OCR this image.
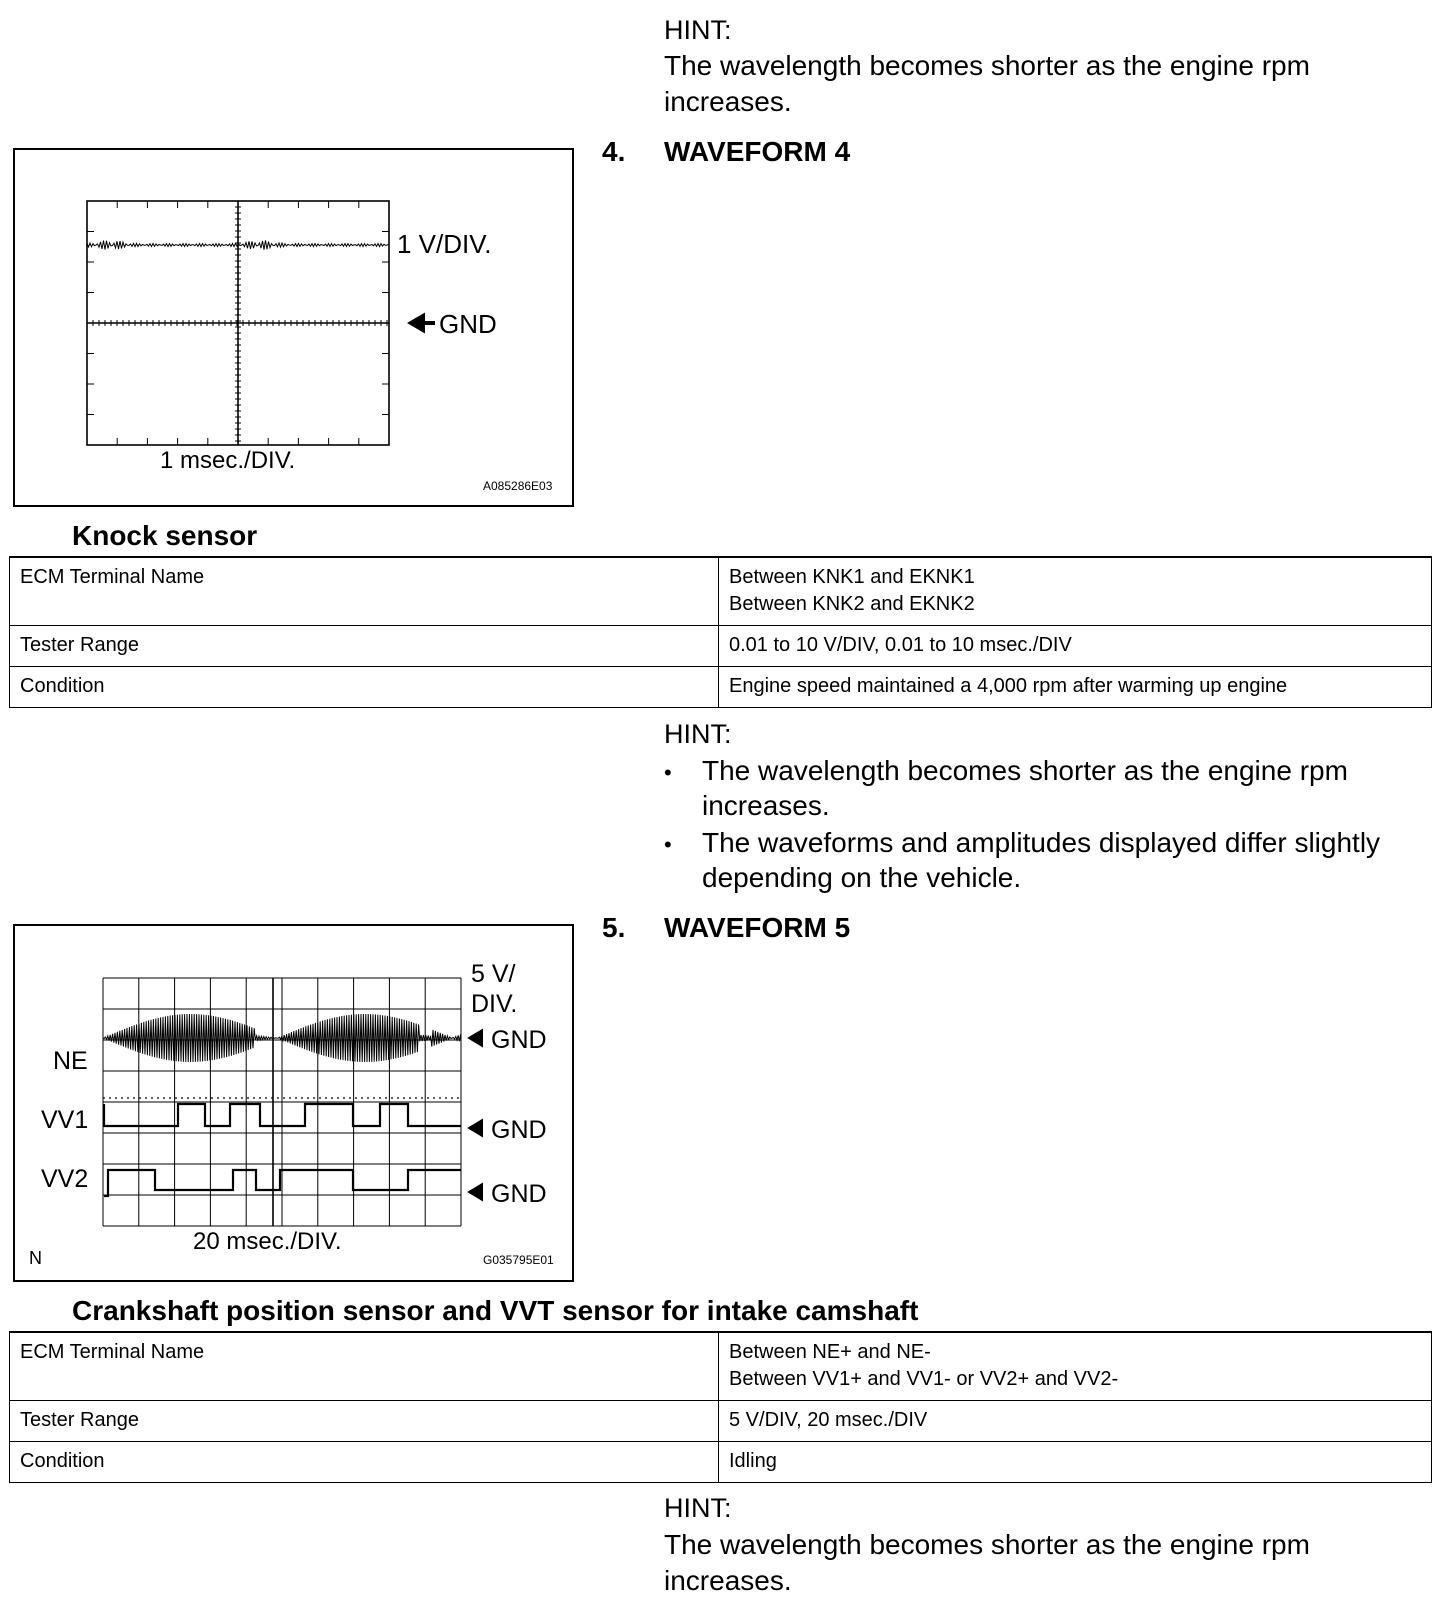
HINT:
The wavelength becomes shorter as the engine rpm increases.
4. WAVEFORM 4
1 V/DIV.
GND
1 msec./DIV.
A085286E03
Knock sensor
ECM Terminal Name	Between KNK1 and EKNK1
Between KNK2 and EKNK2

Tester Range	0.01 to 10 V/DIV, 0.01 to 10 msec./DIV
Condition	Engine speed maintained a 4,000 rpm after warming up engine
HINT:
• The wavelength becomes shorter as the engine rpm increases.
• The waveforms and amplitudes displayed differ slightly depending on the vehicle.
5. WAVEFORM 5
5 V/
DIV.
GND
GND
GND
NE
VV1
VV2
20 msec./DIV.
N	G035795E01
Crankshaft position sensor and VVT sensor for intake camshaft
ECM Terminal Name	Between NE+ and NE-
Between VV1+ and VV1- or VV2+ and VV2-

Tester Range	5 V/DIV, 20 msec./DIV
Condition	Idling
HINT:
The wavelength becomes shorter as the engine rpm increases.
